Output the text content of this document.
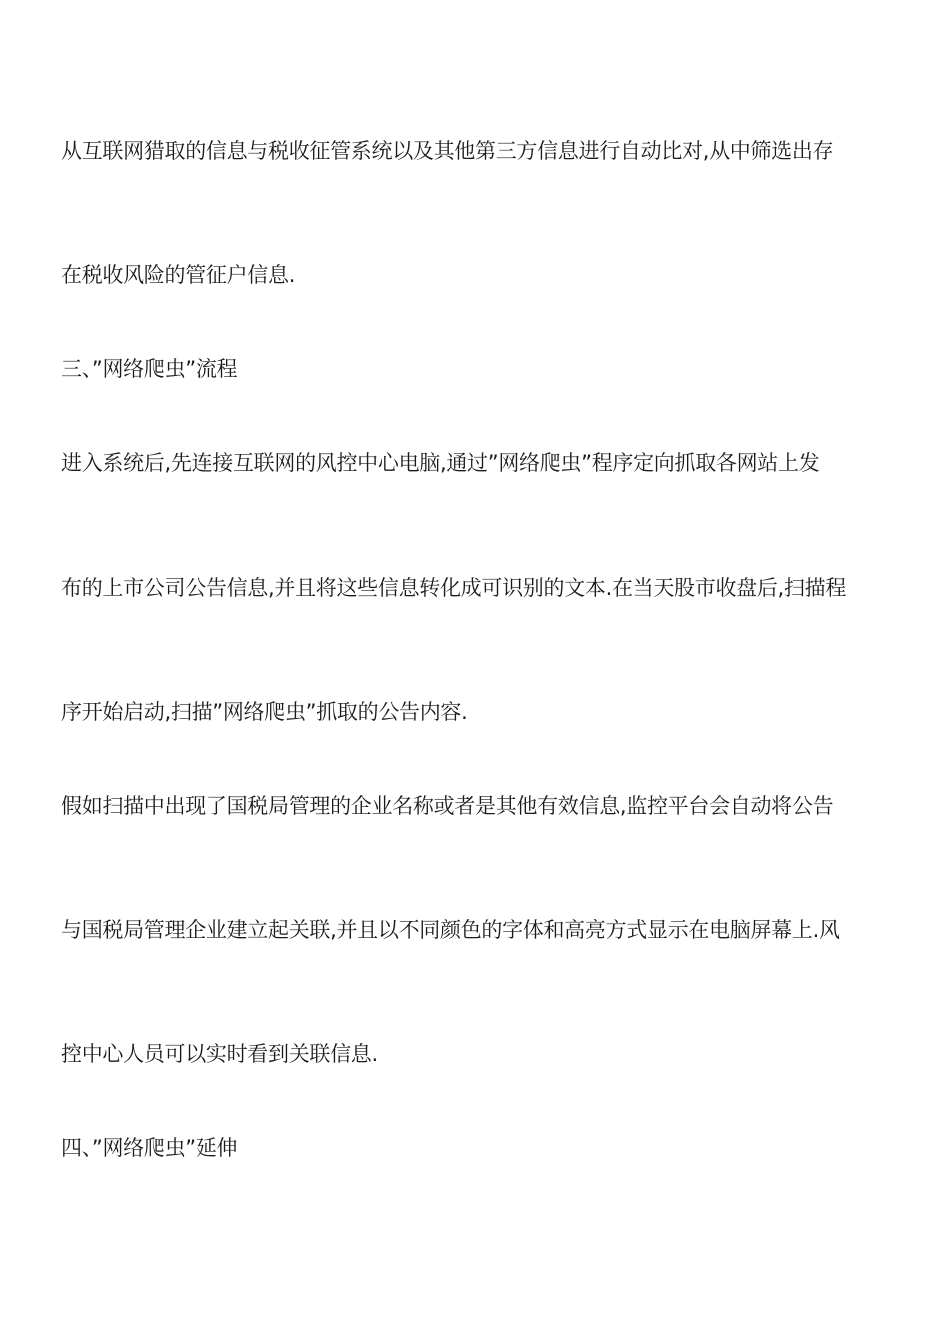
从互联网猎取的信息与税收征管系统以及其他第三方信息进行自动比对,从中筛选出存
在税收风险的管征户信息.
三、”网络爬虫”流程
进入系统后,先连接互联网的风控中心电脑,通过”网络爬虫”程序定向抓取各网站上发
布的上市公司公告信息,并且将这些信息转化成可识别的文本.在当天股市收盘后,扫描程
序开始启动,扫描”网络爬虫”抓取的公告内容.
假如扫描中出现了国税局管理的企业名称或者是其他有效信息,监控平台会自动将公告
与国税局管理企业建立起关联,并且以不同颜色的字体和高亮方式显示在电脑屏幕上.风
控中心人员可以实时看到关联信息.
四、”网络爬虫”延伸
